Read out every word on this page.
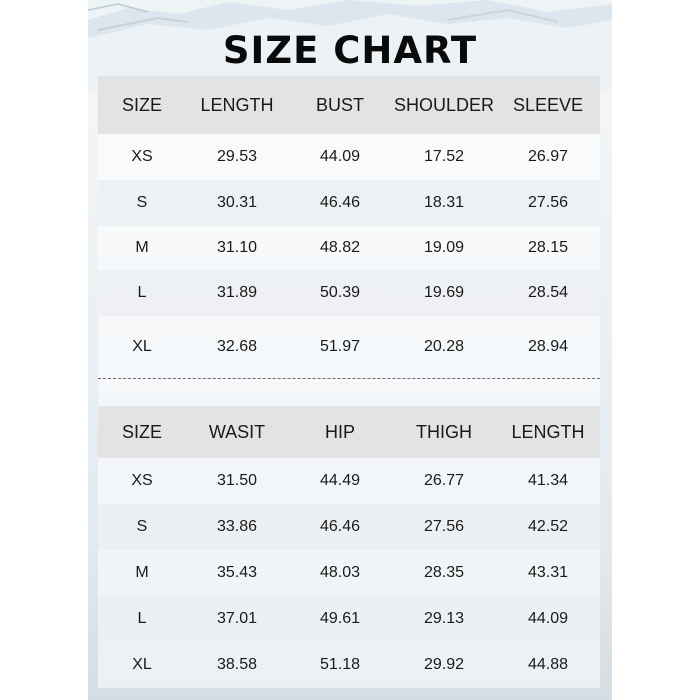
SIZE CHART
SIZE	LENGTH	BUST	SHOULDER	SLEEVE
XS	29.53	44.09	17.52	26.97
S	30.31	46.46	18.31	27.56
M	31.10	48.82	19.09	28.15
L	31.89	50.39	19.69	28.54
XL	32.68	51.97	20.28	28.94
SIZE	WASIT	HIP	THIGH	LENGTH
XS	31.50	44.49	26.77	41.34
S	33.86	46.46	27.56	42.52
M	35.43	48.03	28.35	43.31
L	37.01	49.61	29.13	44.09
XL	38.58	51.18	29.92	44.88
